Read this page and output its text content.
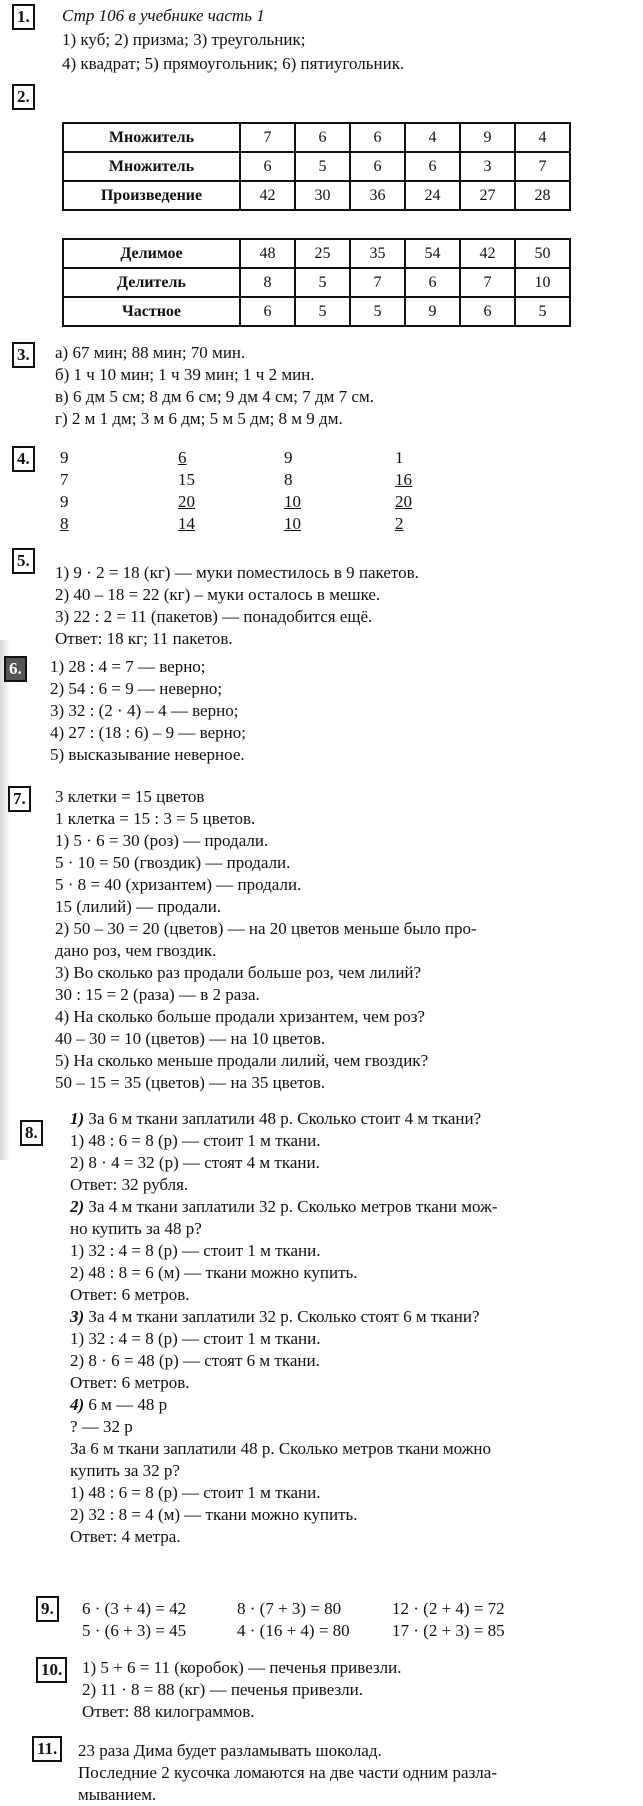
1. Стр 106 в учебнике часть 1
1) куб; 2) призма; 3) треугольник;
4) квадрат; 5) прямоугольник; 6) пятиугольник.
2.
Множитель	7	6	6	4	9	4
Множитель	6	5	6	6	3	7
Произведение	42	30	36	24	27	28
Делимое	48	25	35	54	42	50
Делитель	8	5	7	6	7	10
Частное	6	5	5	9	6	5
3. а) 67 мин; 88 мин; 70 мин.
б) 1 ч 10 мин; 1 ч 39 мин; 1 ч 2 мин.
в) 6 дм 5 см; 8 дм 6 см; 9 дм 4 см; 7 дм 7 см.
г) 2 м 1 дм; 3 м 6 дм; 5 м 5 дм; 8 м 9 дм.
4. 9	6	9	1
7	15	8	16
9	20	10	20
8	14	10	2
5.
1) 9 · 2 = 18 (кг) — муки поместилось в 9 пакетов.
2) 40 – 18 = 22 (кг) – муки осталось в мешке.
3) 22 : 2 = 11 (пакетов) — понадобится ещё.
Ответ: 18 кг; 11 пакетов.
6. 1) 28 : 4 = 7 — верно;
2) 54 : 6 = 9 — неверно;
3) 32 : (2 · 4) – 4 — верно;
4) 27 : (18 : 6) – 9 — верно;
5) высказывание неверное.
7. 3 клетки = 15 цветов
1 клетка = 15 : 3 = 5 цветов.
1) 5 · 6 = 30 (роз) — продали.
5 · 10 = 50 (гвоздик) — продали.
5 · 8 = 40 (хризантем) — продали.
15 (лилий) — продали.
2) 50 – 30 = 20 (цветов) — на 20 цветов меньше было про-
дано роз, чем гвоздик.
3) Во сколько раз продали больше роз, чем лилий?
30 : 15 = 2 (раза) — в 2 раза.
4) На сколько больше продали хризантем, чем роз?
40 – 30 = 10 (цветов) — на 10 цветов.
5) На сколько меньше продали лилий, чем гвоздик?
50 – 15 = 35 (цветов) — на 35 цветов.
8.
1) За 6 м ткани заплатили 48 р. Сколько стоит 4 м ткани?
1) 48 : 6 = 8 (р) — стоит 1 м ткани.
2) 8 · 4 = 32 (р) — стоят 4 м ткани.
Ответ: 32 рубля.
2) За 4 м ткани заплатили 32 р. Сколько метров ткани мож-
но купить за 48 р?
1) 32 : 4 = 8 (р) — стоит 1 м ткани.
2) 48 : 8 = 6 (м) — ткани можно купить.
Ответ: 6 метров.
3) За 4 м ткани заплатили 32 р. Сколько стоят 6 м ткани?
1) 32 : 4 = 8 (р) — стоит 1 м ткани.
2) 8 · 6 = 48 (р) — стоят 6 м ткани.
Ответ: 6 метров.
4) 6 м — 48 р
? — 32 р
За 6 м ткани заплатили 48 р. Сколько метров ткани можно
купить за 32 р?
1) 48 : 6 = 8 (р) — стоит 1 м ткани.
2) 32 : 8 = 4 (м) — ткани можно купить.
Ответ: 4 метра.
9. 6 · (3 + 4) = 42	8 · (7 + 3) = 80	12 · (2 + 4) = 72
5 · (6 + 3) = 45	4 · (16 + 4) = 80 17 · (2 + 3) = 85
10. 1) 5 + 6 = 11 (коробок) — печенья привезли.
2) 11 · 8 = 88 (кг) — печенья привезли.
Ответ: 88 килограммов.
11. 23 раза Дима будет разламывать шоколад.
Последние 2 кусочка ломаются на две части одним разла-
мыванием.
